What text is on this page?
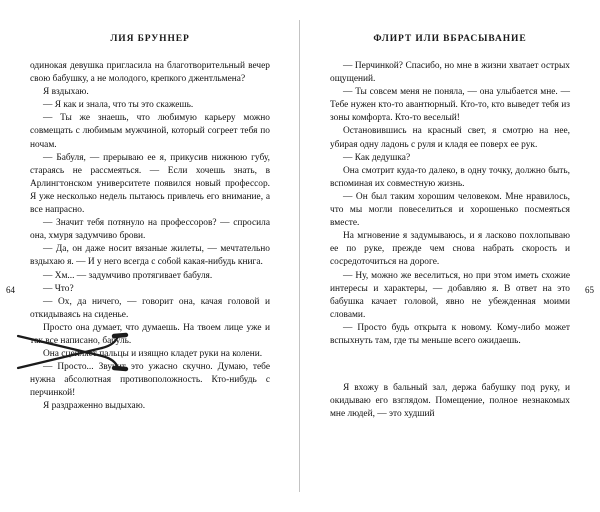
ЛИЯ БРУННЕР

одинокая девушка пригласила на благотворительный вечер свою бабушку, а не молодого, крепкого джентльмена?

Я вздыхаю.

— Я как и знала, что ты это скажешь.

— Ты же знаешь, что любимую карьеру можно совмещать с любимым мужчиной, который согреет тебя по ночам.

— Бабуля, — прерываю ее я, прикусив нижнюю губу, стараясь не рассмеяться. — Если хочешь знать, в Арлингтонском университете появился новый профессор. Я уже несколько недель пытаюсь привлечь его внимание, а все напрасно.

— Значит тебя потянуло на профессоров? — спросила она, хмуря задумчиво брови.

— Да, он даже носит вязаные жилеты, — мечтательно вздыхаю я. — И у него всегда с собой какая-нибудь книга.

— Хм... — задумчиво протягивает бабуля.

— Что?

— Ох, да ничего, — говорит она, качая головой и откидываясь на сиденье.

Просто она думает, что думаешь. На твоем лице уже и так все написано, бабуль.

Она сцепляет пальцы и изящно кладет руки на колени.

— Просто... Звучит это ужасно скучно. Думаю, тебе нужна абсолютная противоположность. Кто-нибудь с перчинкой!

Я раздраженно выдыхаю.

64
ФЛИРТ ИЛИ ВБРАСЫВАНИЕ

— Перчинкой? Спасибо, но мне в жизни хватает острых ощущений.

— Ты совсем меня не поняла, — она улыбается мне. — Тебе нужен кто-то авантюрный. Кто-то, кто выведет тебя из зоны комфорта. Кто-то веселый!

Остановившись на красный свет, я смотрю на нее, убирая одну ладонь с руля и кладя ее поверх ее рук.

— Как дедушка?

Она смотрит куда-то далеко, в одну точку, должно быть, вспоминая их совместную жизнь.

— Он был таким хорошим человеком. Мне нравилось, что мы могли повеселиться и хорошенько посмеяться вместе.

На мгновение я задумываюсь, и я ласково похлопываю ее по руке, прежде чем снова набрать скорость и сосредоточиться на дороге.

— Ну, можно же веселиться, но при этом иметь схожие интересы и характеры, — добавляю я. В ответ на это бабушка качает головой, явно не убежденная моими словами.

— Просто будь открыта к новому. Кому-либо может вспыхнуть там, где ты меньше всего ожидаешь.

Я вхожу в бальный зал, держа бабушку под руку, и окидываю его взглядом. Помещение, полное незнакомых мне людей, — это худший

65
